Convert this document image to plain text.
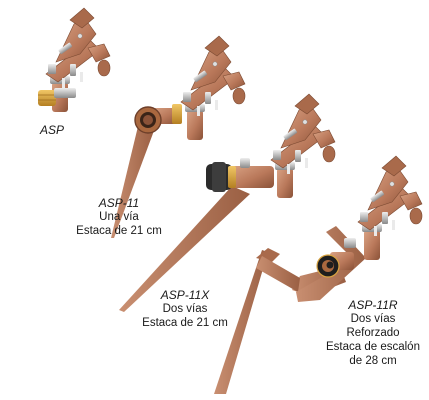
ASP
ASP-11
Una vía
Estaca de 21 cm
ASP-11X
Dos vías
Estaca de 21 cm
ASP-11R
Dos vías
Reforzado
Estaca de escalón
de 28 cm
